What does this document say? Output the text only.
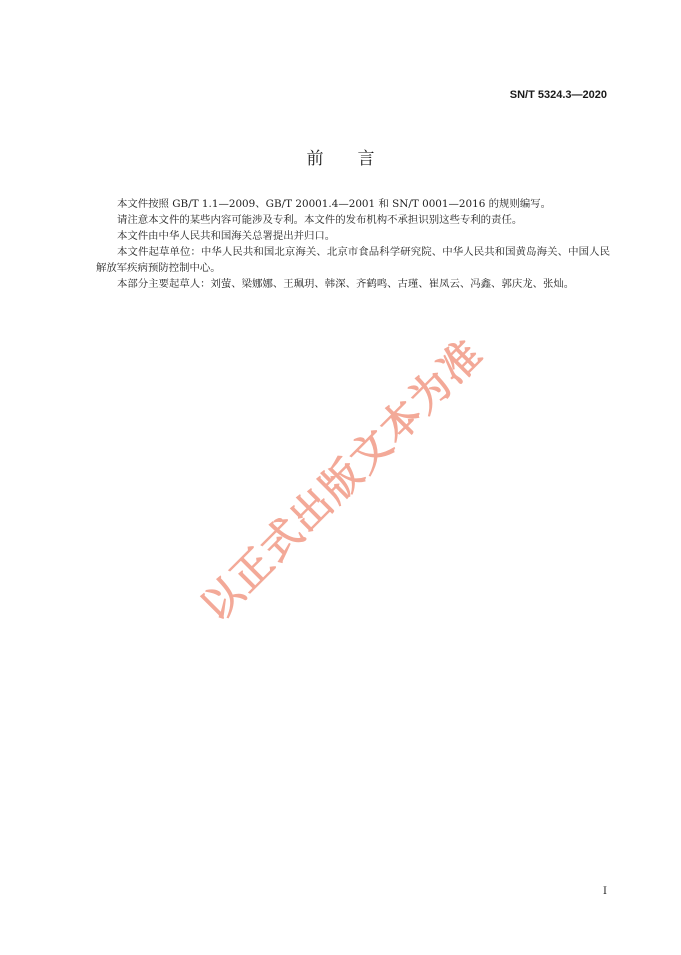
SN/T 5324.3—2020
前 言

本文件按照 GB/T 1.1—2009、GB/T 20001.4—2001 和 SN/T 0001—2016 的规则编写。

请注意本文件的某些内容可能涉及专利。本文件的发布机构不承担识别这些专利的责任。

本文件由中华人民共和国海关总署提出并归口。

本文件起草单位：中华人民共和国北京海关、北京市食品科学研究院、中华人民共和国黄岛海关、中国人民解放军疾病预防控制中心。

本部分主要起草人：刘萤、梁娜娜、王珮玥、韩深、齐鹤鸣、古瑾、崔凤云、冯鑫、郭庆龙、张灿。

以正式出版文本为准
I
